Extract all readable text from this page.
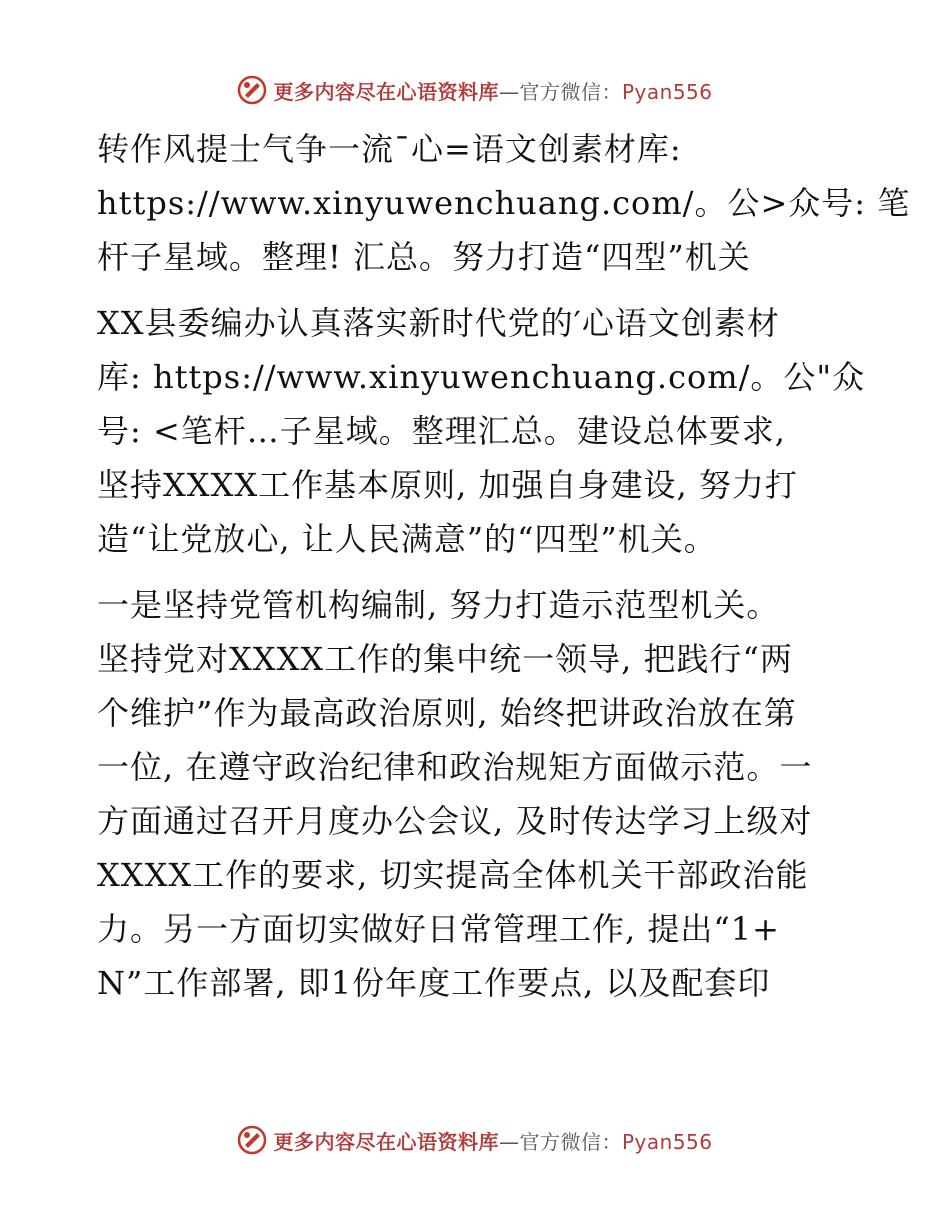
更多内容尽在心语资料库—官方微信：Pyan556
转作风提士气争一流¯心=语文创素材库:
https://www.xinyuwenchuang.com/。公>众号: 笔
杆子星域。整理! 汇总。努力打造“四型”机关
XX县委编办认真落实新时代党的′心语文创素材
库: https://www.xinyuwenchuang.com/。公"众
号: <笔杆…子星域。整理汇总。建设总体要求,
坚持XXXX工作基本原则, 加强自身建设, 努力打
造“让党放心, 让人民满意”的“四型”机关。
一是坚持党管机构编制, 努力打造示范型机关。
坚持党对XXXX工作的集中统一领导, 把践行“两
个维护”作为最高政治原则, 始终把讲政治放在第
一位, 在遵守政治纪律和政治规矩方面做示范。一
方面通过召开月度办公会议, 及时传达学习上级对
XXXX工作的要求, 切实提高全体机关干部政治能
力。另一方面切实做好日常管理工作, 提出“1+
N”工作部署, 即1份年度工作要点, 以及配套印
更多内容尽在心语资料库—官方微信：Pyan556
